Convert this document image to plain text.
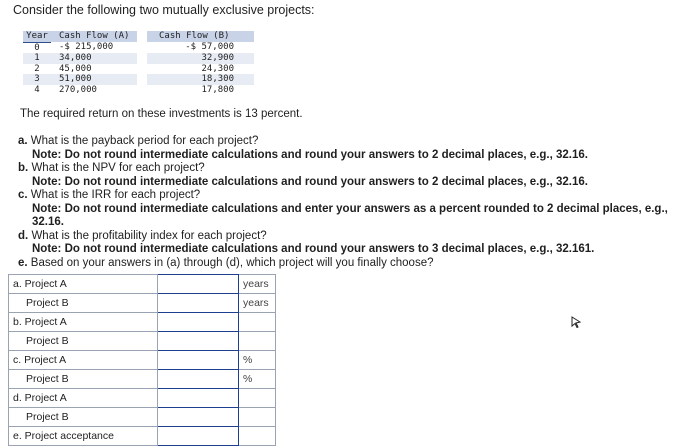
Consider the following two mutually exclusive projects:
Year	Cash Flow (A)		Cash Flow (B)
0	-$ 215,000		-$ 57,000
1	34,000		32,900
2	45,000		24,300
3	51,000		18,300
4	270,000		17,800
The required return on these investments is 13 percent.

a. What is the payback period for each project?

Note: Do not round intermediate calculations and round your answers to 2 decimal places, e.g., 32.16.

b. What is the NPV for each project?

Note: Do not round intermediate calculations and round your answers to 2 decimal places, e.g., 32.16.

c. What is the IRR for each project?

Note: Do not round intermediate calculations and enter your answers as a percent rounded to 2 decimal places, e.g., 32.16.

d. What is the profitability index for each project?

Note: Do not round intermediate calculations and round your answers to 3 decimal places, e.g., 32.161.

e. Based on your answers in (a) through (d), which project will you finally choose?

a. Project A		years
Project B		years
b. Project A	

Project B	

c. Project A		%
Project B		%
d. Project A	

Project B	

e. Project acceptance	
